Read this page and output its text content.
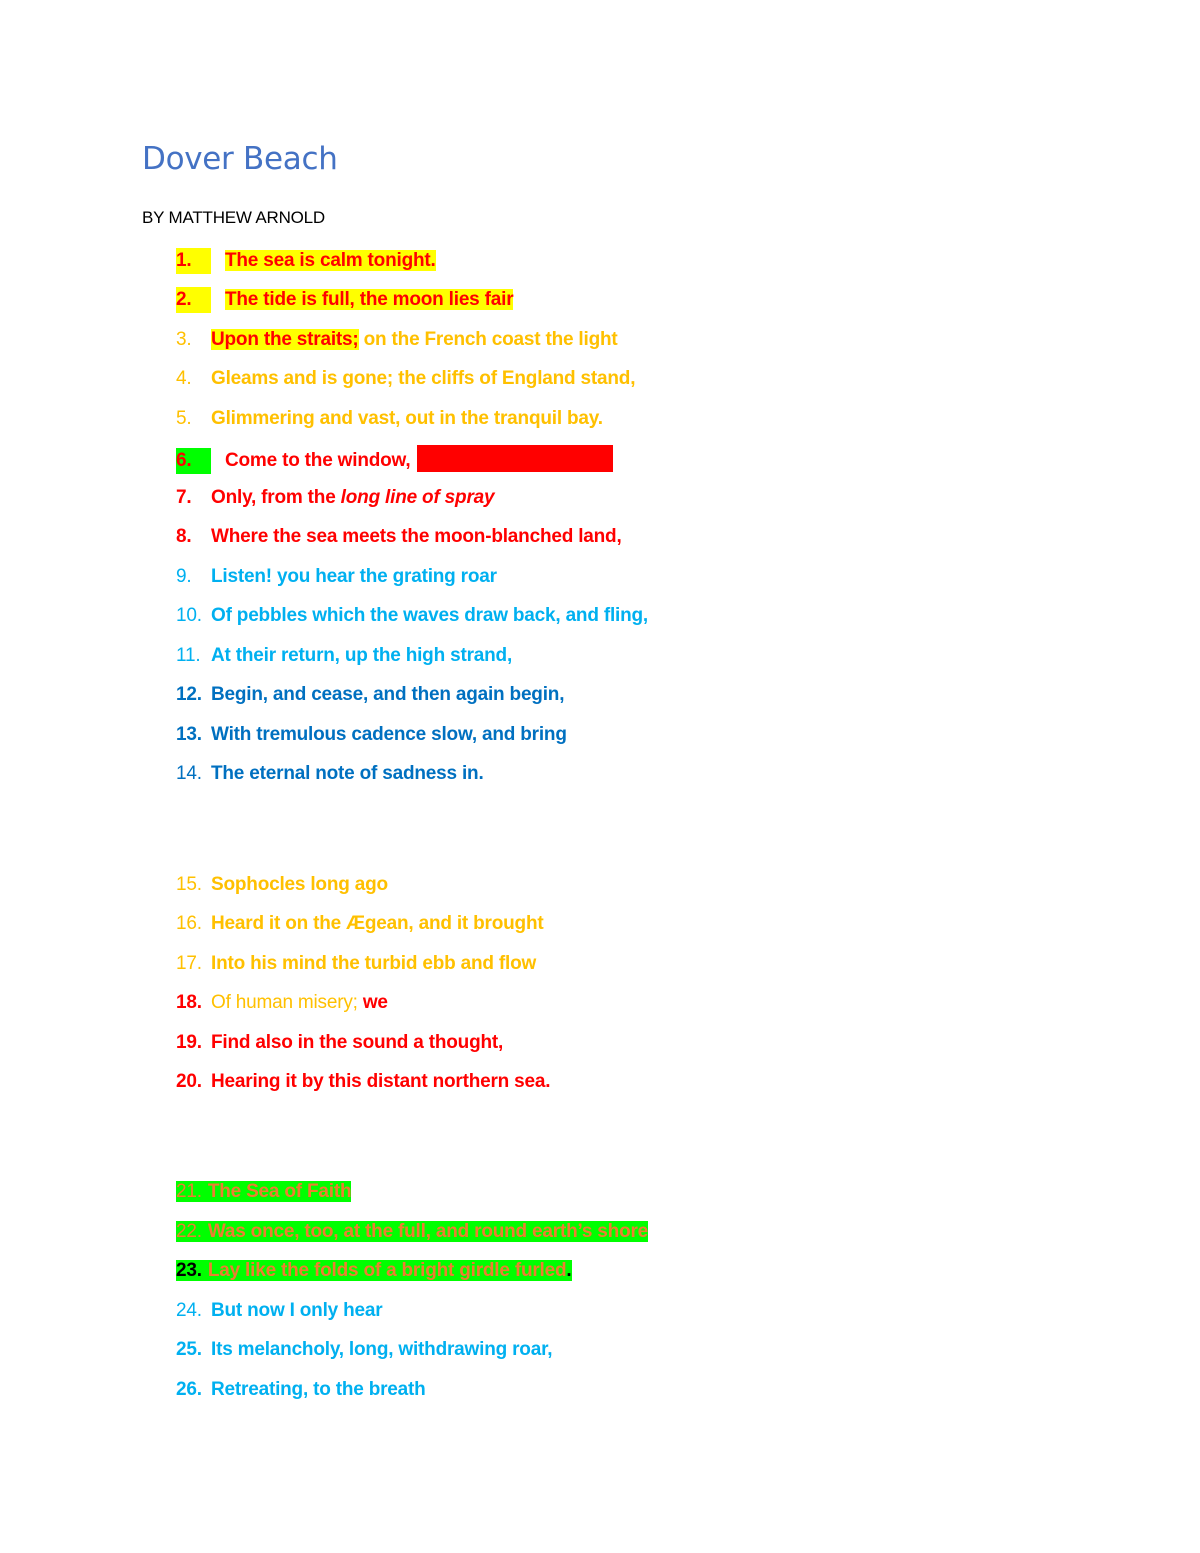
Dover Beach

BY MATTHEW ARNOLD

1. The sea is calm tonight.
2. The tide is full, the moon lies fair
3. Upon the straits; on the French coast the light
4. Gleams and is gone; the cliffs of England stand,
5. Glimmering and vast, out in the tranquil bay.
6. Come to the window,
7. Only, from the long line of spray
8. Where the sea meets the moon-blanched land,
9. Listen! you hear the grating roar
10. Of pebbles which the waves draw back, and fling,
11. At their return, up the high strand,
12. Begin, and cease, and then again begin,
13. With tremulous cadence slow, and bring
14. The eternal note of sadness in.
15. Sophocles long ago
16. Heard it on the Ægean, and it brought
17. Into his mind the turbid ebb and flow
18. Of human misery; we
19. Find also in the sound a thought,
20. Hearing it by this distant northern sea.
21. The Sea of Faith
22. Was once, too, at the full, and round earth’s shore
23. Lay like the folds of a bright girdle furled.
24. But now I only hear
25. Its melancholy, long, withdrawing roar,
26. Retreating, to the breath
